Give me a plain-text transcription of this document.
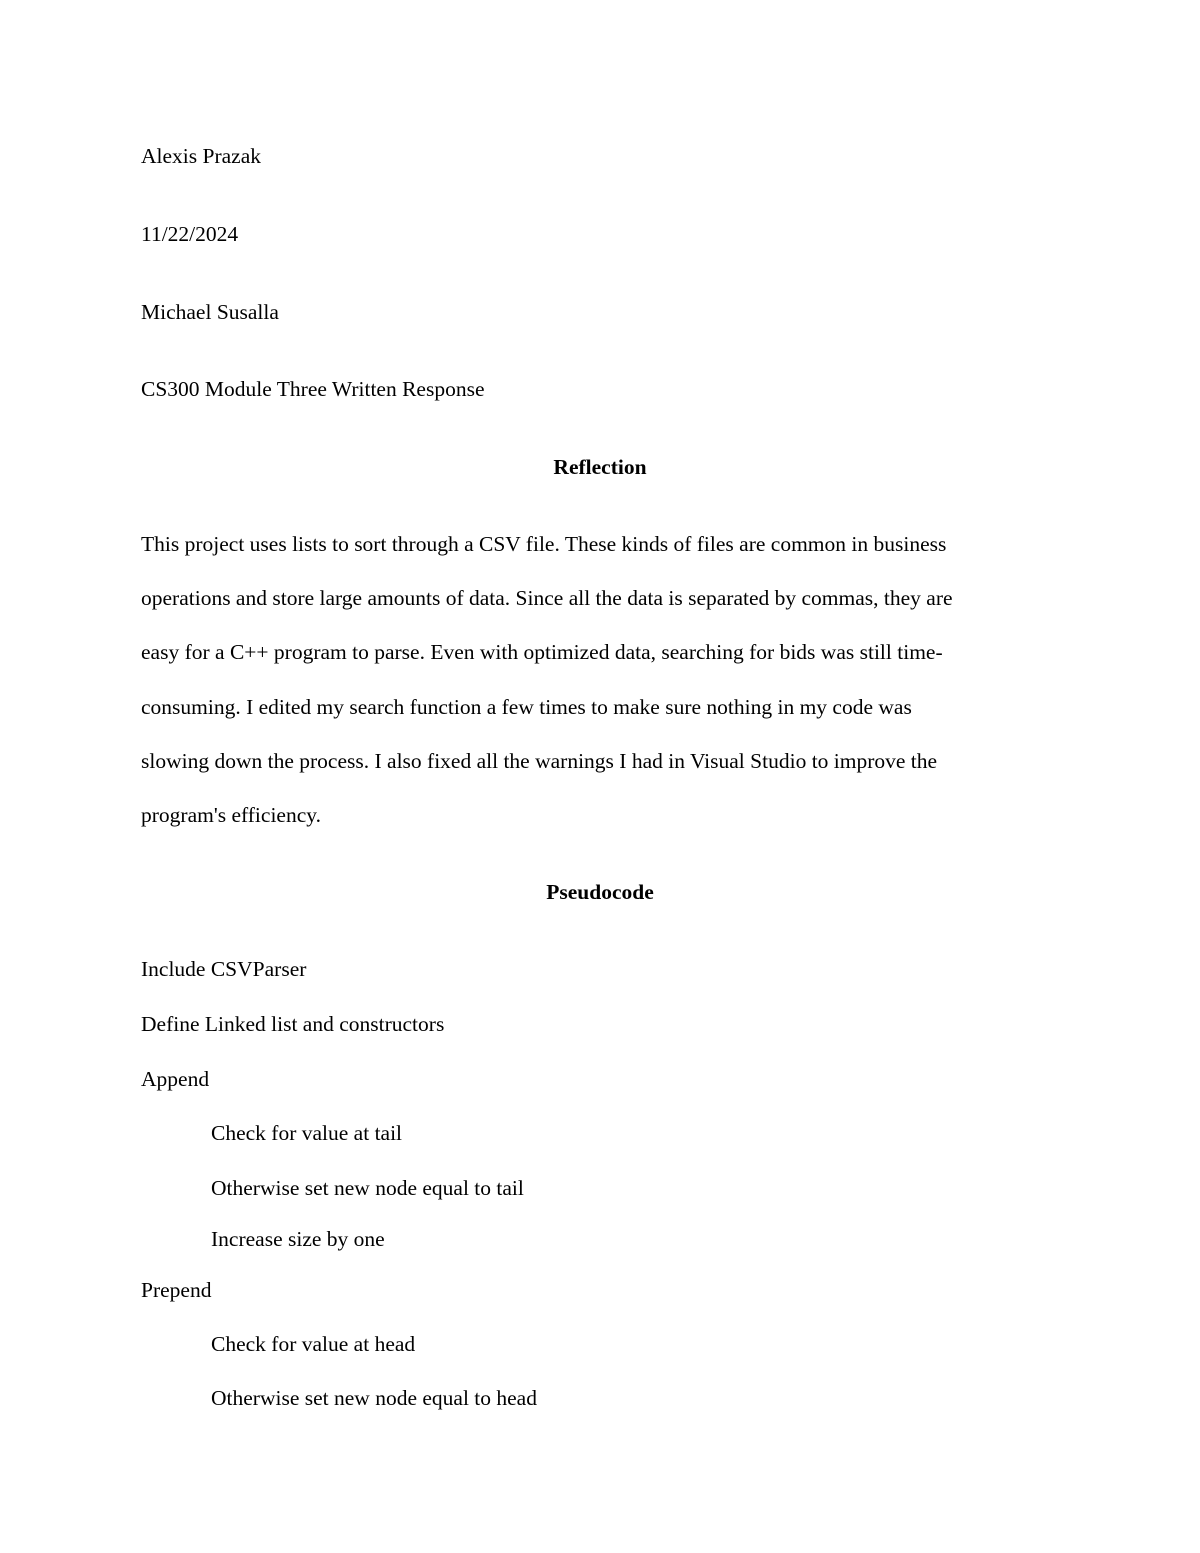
Alexis Prazak
11/22/2024
Michael Susalla
CS300 Module Three Written Response
Reflection
This project uses lists to sort through a CSV file. These kinds of files are common in business
operations and store large amounts of data. Since all the data is separated by commas, they are
easy for a C++ program to parse. Even with optimized data, searching for bids was still time-
consuming. I edited my search function a few times to make sure nothing in my code was
slowing down the process. I also fixed all the warnings I had in Visual Studio to improve the
program's efficiency.
Pseudocode
Include CSVParser
Define Linked list and constructors
Append
Check for value at tail
Otherwise set new node equal to tail
Increase size by one
Prepend
Check for value at head
Otherwise set new node equal to head
